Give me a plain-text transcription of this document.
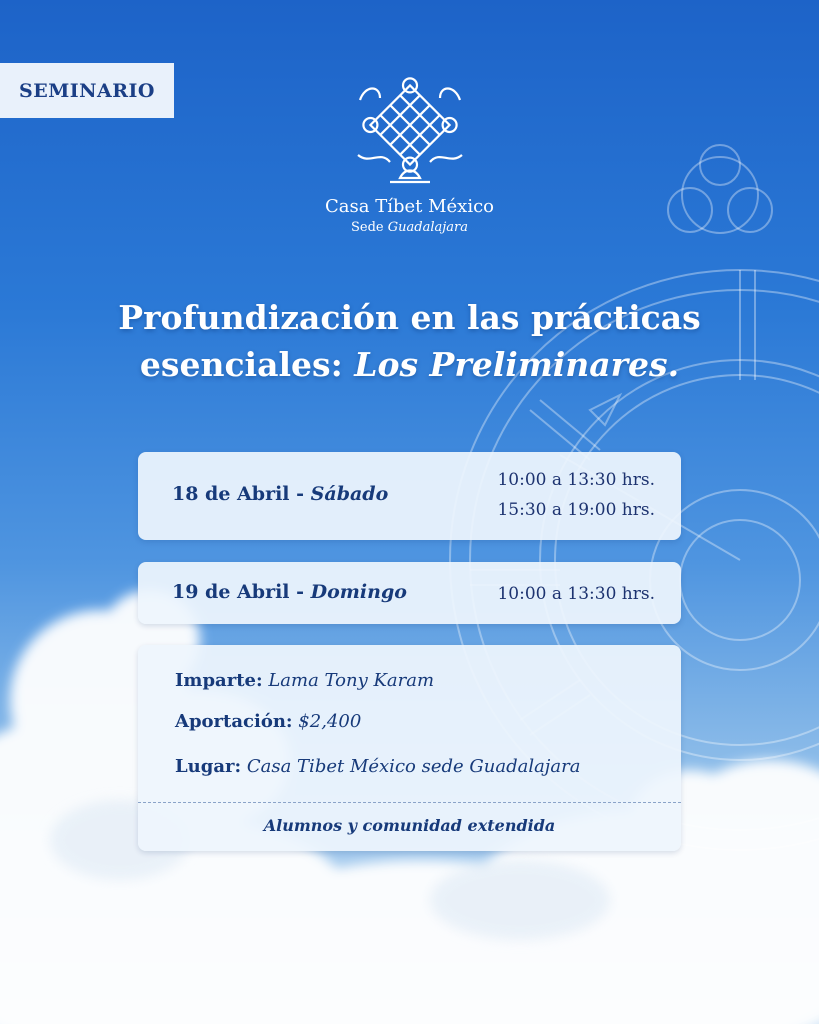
SEMINARIO
Casa Tíbet México
Sede Guadalajara
Profundización en las prácticas
esenciales: Los Preliminares.
18 de Abril - Sábado
10:00 a 13:30 hrs.
15:30 a 19:00 hrs.
19 de Abril - Domingo	10:00 a 13:30 hrs.
Imparte: Lama Tony Karam
Aportación: $2,400
Lugar: Casa Tibet México sede Guadalajara
Alumnos y comunidad extendida
